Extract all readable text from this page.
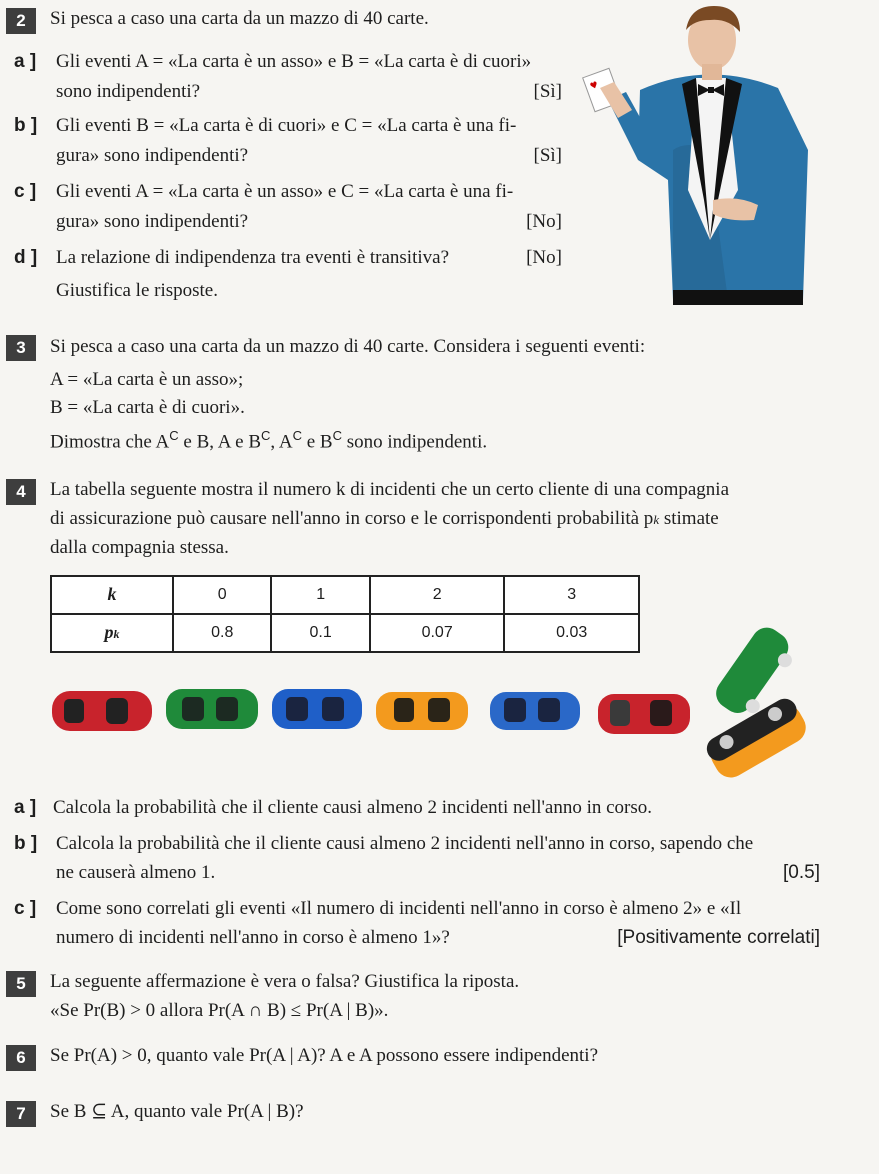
2	Si pesca a caso una carta da un mazzo di 40 carte.
a ] Gli eventi A = «La carta è un asso» e B = «La carta è di cuori»
sono indipendenti?	[Sì]
b ] Gli eventi B = «La carta è di cuori» e C = «La carta è una fi-
gura» sono indipendenti?	[Sì]
c ] Gli eventi A = «La carta è un asso» e C = «La carta è una fi-
gura» sono indipendenti?	[No]
d ] La relazione di indipendenza tra eventi è transitiva?	[No]
Giustifica le risposte.
♥
3	Si pesca a caso una carta da un mazzo di 40 carte. Considera i seguenti eventi:
A = «La carta è un asso»;
B = «La carta è di cuori».
Dimostra che $A^C$ e B, A e $B^C$, $A^C$ e $B^C$ sono indipendenti.
4	La tabella seguente mostra il numero k di incidenti che un certo cliente di una compagnia
di assicurazione può causare nell'anno in corso e le corrispondenti probabilità pk stimate
dalla compagnia stessa.
k	0	1	2	3
pk	0.8	0.1	0.07	0.03
a ] Calcola la probabilità che il cliente causi almeno 2 incidenti nell'anno in corso.
b ] Calcola la probabilità che il cliente causi almeno 2 incidenti nell'anno in corso, sapendo che
ne causerà almeno 1.	[0.5]
c ] Come sono correlati gli eventi «Il numero di incidenti nell'anno in corso è almeno 2» e «Il
numero di incidenti nell'anno in corso è almeno 1»?	[Positivamente correlati]
5	La seguente affermazione è vera o falsa? Giustifica la riposta.
«Se Pr(B) > 0 allora Pr(A ∩ B) ≤ Pr(A | B)».
6	Se Pr(A) > 0, quanto vale Pr(A | A)? A e A possono essere indipendenti?
7	Se B ⊆ A, quanto vale Pr(A | B)?
